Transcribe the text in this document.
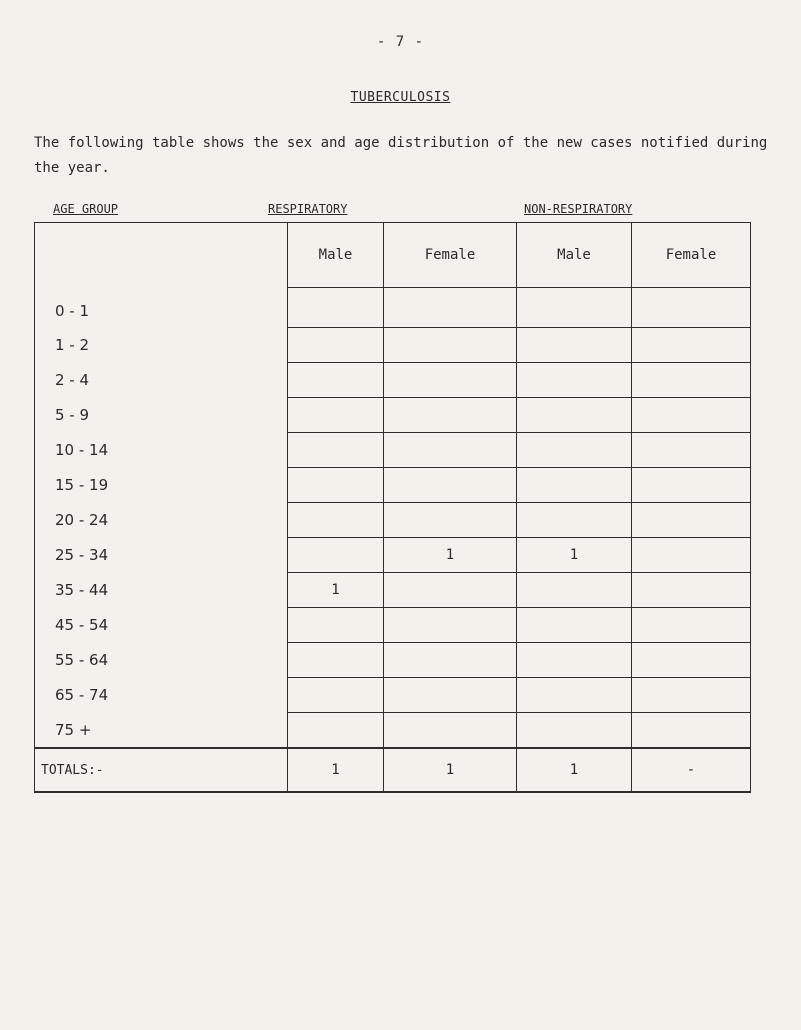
- 7 -
TUBERCULOSIS
The following table shows the sex and age distribution of the new cases notified during the year.
AGE GROUP	RESPIRATORY	NON-RESPIRATORY
	Male	Female	Male	Female
0 - 1				
1 - 2				
2 - 4				
5 - 9				
10 - 14				
15 - 19				
20 - 24				
25 - 34		1	1	
35 - 44	1			
45 - 54				
55 - 64				
65 - 74				
75 +				
TOTALS:-	1	1	1	-
